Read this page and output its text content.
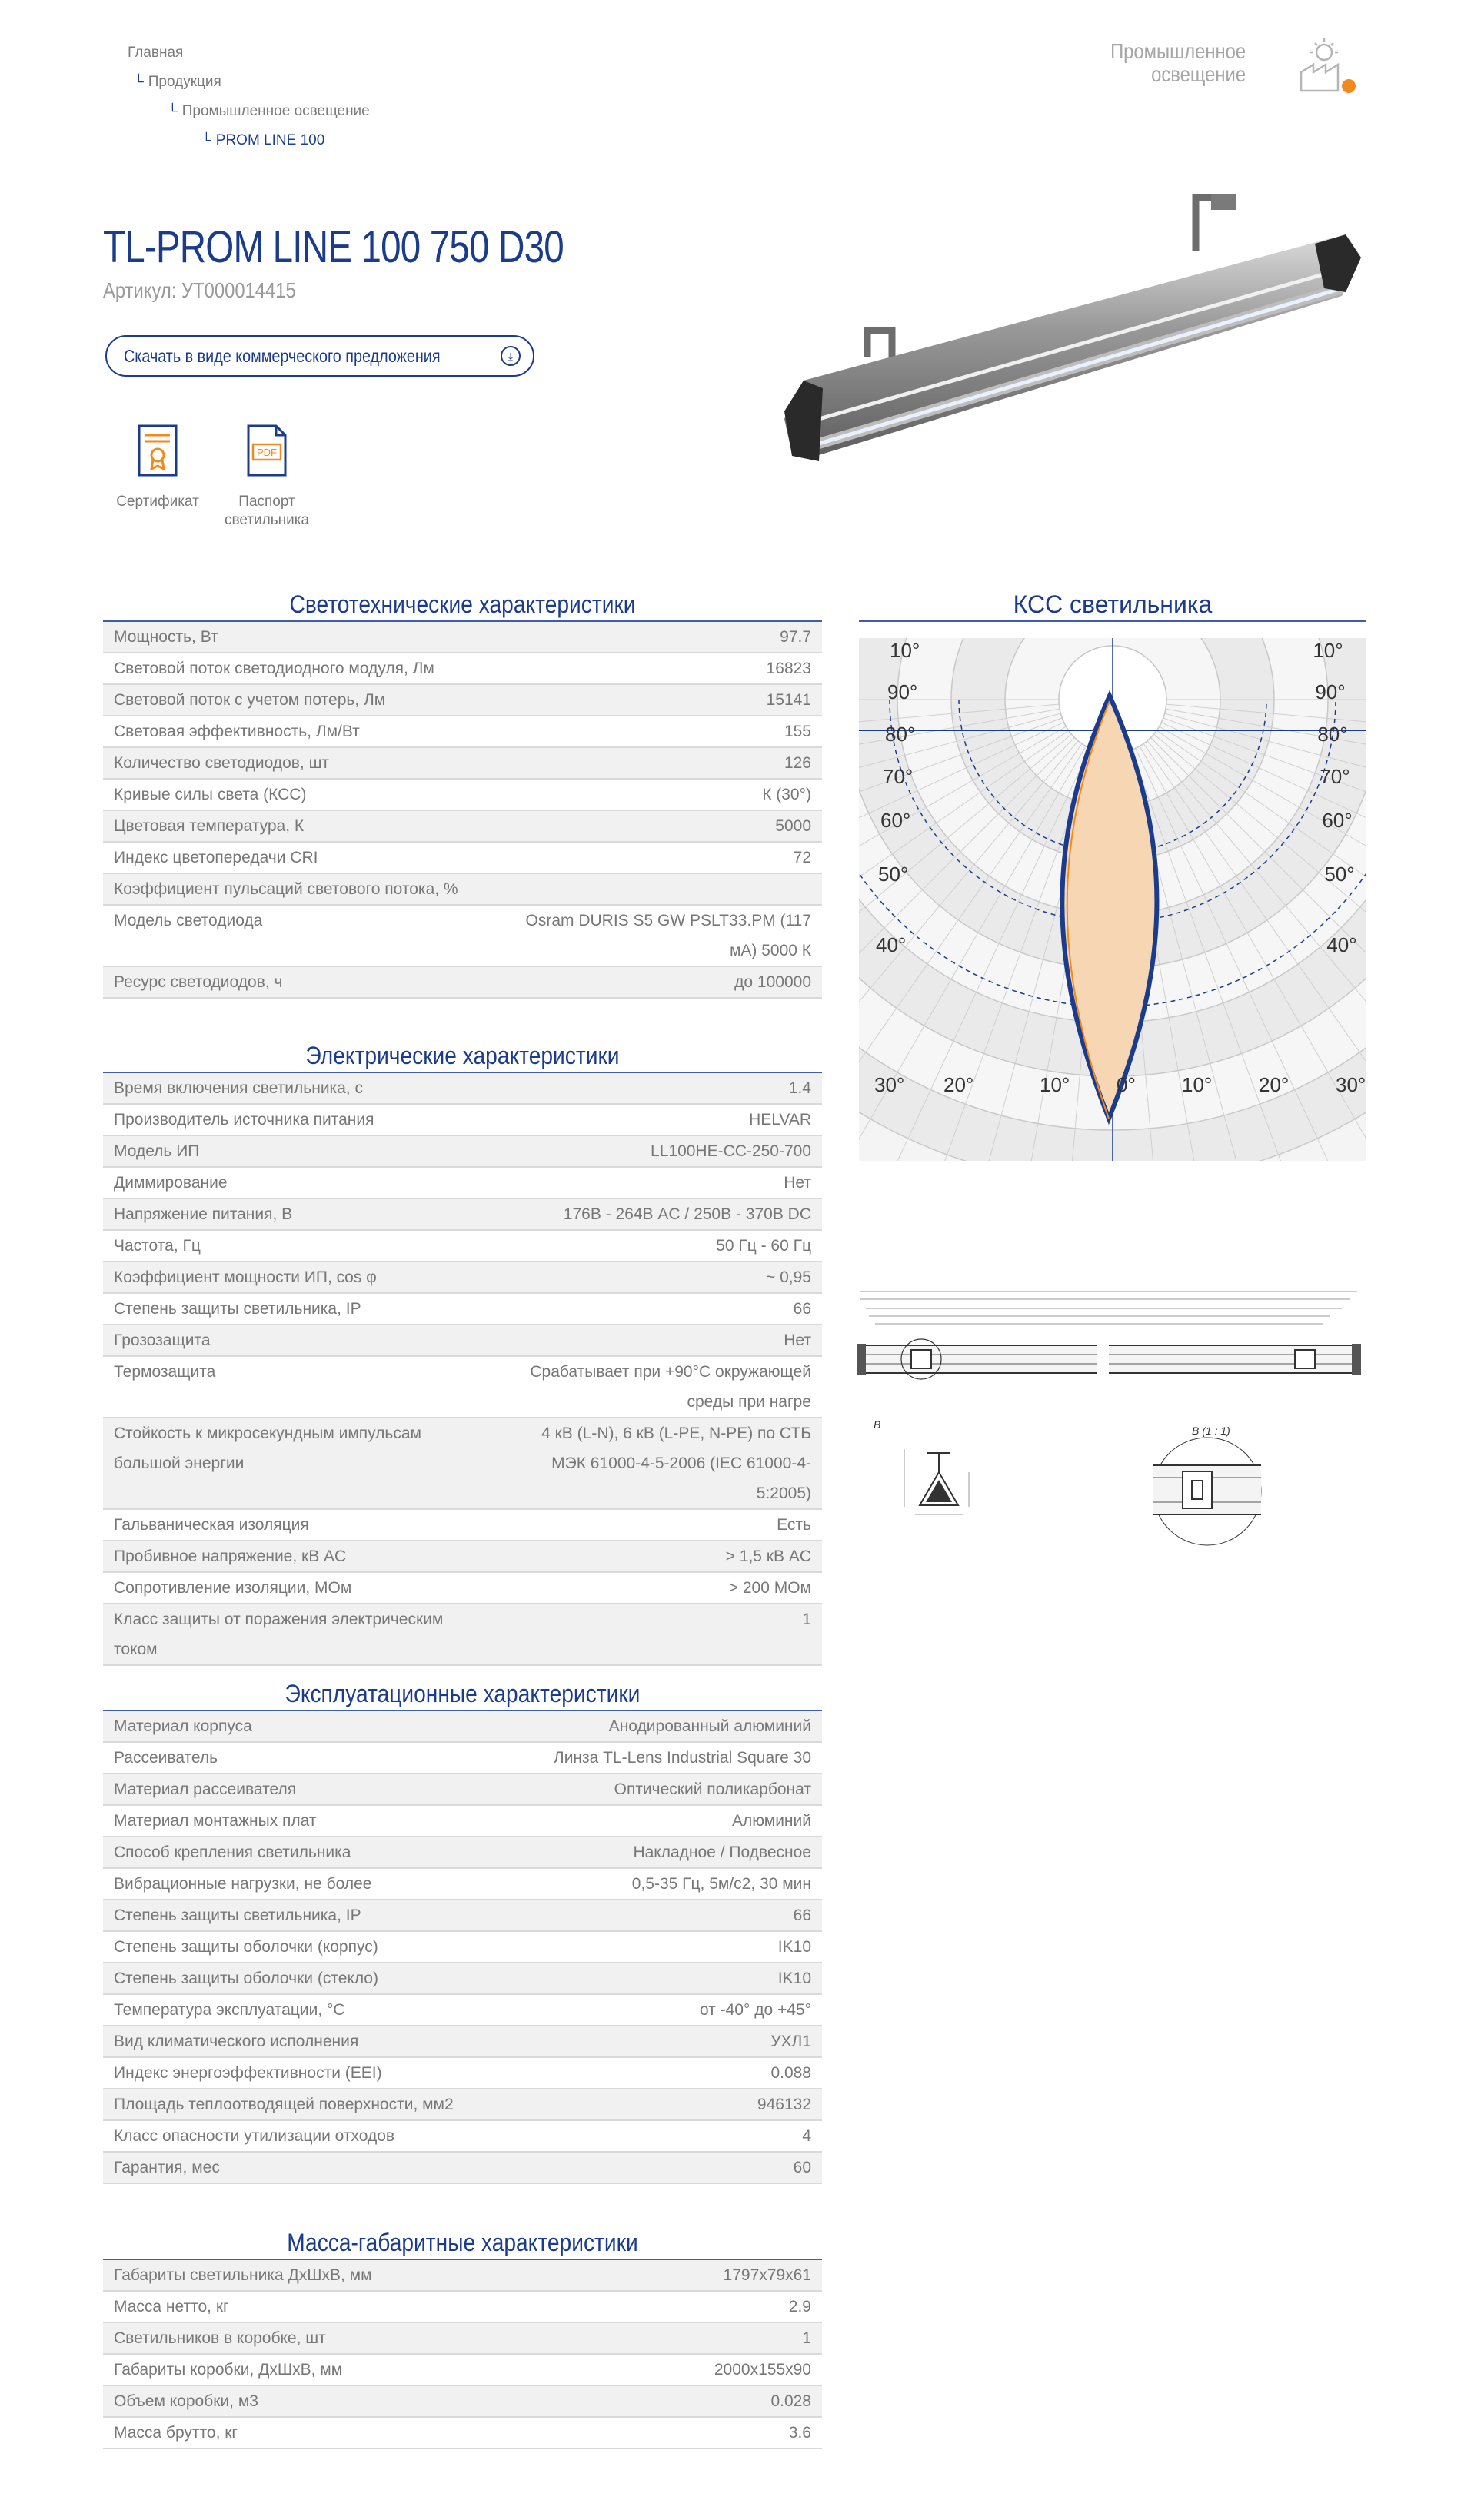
Главная
└ Продукция
└ Промышленное освещение
└ PROM LINE 100
Промышленное
освещение
TL-PROM LINE 100 750 D30
Артикул: УТ000014415
Скачать в виде коммерческого предложения	⤓
Сертификат
PDF
Паспорт светильника
Светотехнические характеристики
Мощность, Вт	97.7
Световой поток светодиодного модуля, Лм	16823
Световой поток с учетом потерь, Лм	15141
Световая эффективность, Лм/Вт	155
Количество светодиодов, шт	126
Кривые силы света (КСС)	К (30°)
Цветовая температура, К	5000
Индекс цветопередачи CRI	72
Коэффициент пульсаций светового потока, %	
Модель светодиода	Osram DURIS S5 GW PSLT33.PM (117 мА) 5000 К
Ресурс светодиодов, ч	до 100000
Электрические характеристики
Время включения светильника, с	1.4
Производитель источника питания	HELVAR
Модель ИП	LL100HE-CC-250-700
Диммирование	Нет
Напряжение питания, В	176В - 264В AC / 250В - 370В DC
Частота, Гц	50 Гц - 60 Гц
Коэффициент мощности ИП, cos φ	~ 0,95
Степень защиты светильника, IP	66
Грозозащита	Нет
Термозащита	Срабатывает при +90°C окружающей среды при нагре
Стойкость к микросекундным импульсам большой энергии	4 кВ (L-N), 6 кВ (L-PE, N-PE) по СТБ МЭК 61000-4-5-2006 (IEC 61000-4-5:2005)
Гальваническая изоляция	Есть
Пробивное напряжение, кВ AC	> 1,5 кВ AC
Сопротивление изоляции, МОм	> 200 МОм
Класс защиты от поражения электрическим током	1
Эксплуатационные характеристики
Материал корпуса	Анодированный алюминий
Рассеиватель	Линза TL-Lens Industrial Square 30
Материал рассеивателя	Оптический поликарбонат
Материал монтажных плат	Алюминий
Способ крепления светильника	Накладное / Подвесное
Вибрационные нагрузки, не более	0,5-35 Гц, 5м/с2, 30 мин
Степень защиты светильника, IP	66
Степень защиты оболочки (корпус)	IK10
Степень защиты оболочки (стекло)	IK10
Температура эксплуатации, °С	от -40° до +45°
Вид климатического исполнения	УХЛ1
Индекс энергоэффективности (EEI)	0.088
Площадь теплоотводящей поверхности, мм2	946132
Класс опасности утилизации отходов	4
Гарантия, мес	60
Масса-габаритные характеристики
Габариты светильника ДхШхВ, мм	1797x79x61
Масса нетто, кг	2.9
Светильников в коробке, шт	1
Габариты коробки, ДхШхВ, мм	2000x155x90
Объем коробки, м3	0.028
Масса брутто, кг	3.6
КСС светильника
10°
90°
80°
70°
60°
50°
40°
10°
90°
80°
70°
60°
50°
40°
30° 20°	10° 0° 10° 20° 30°
B	B (1 : 1)
